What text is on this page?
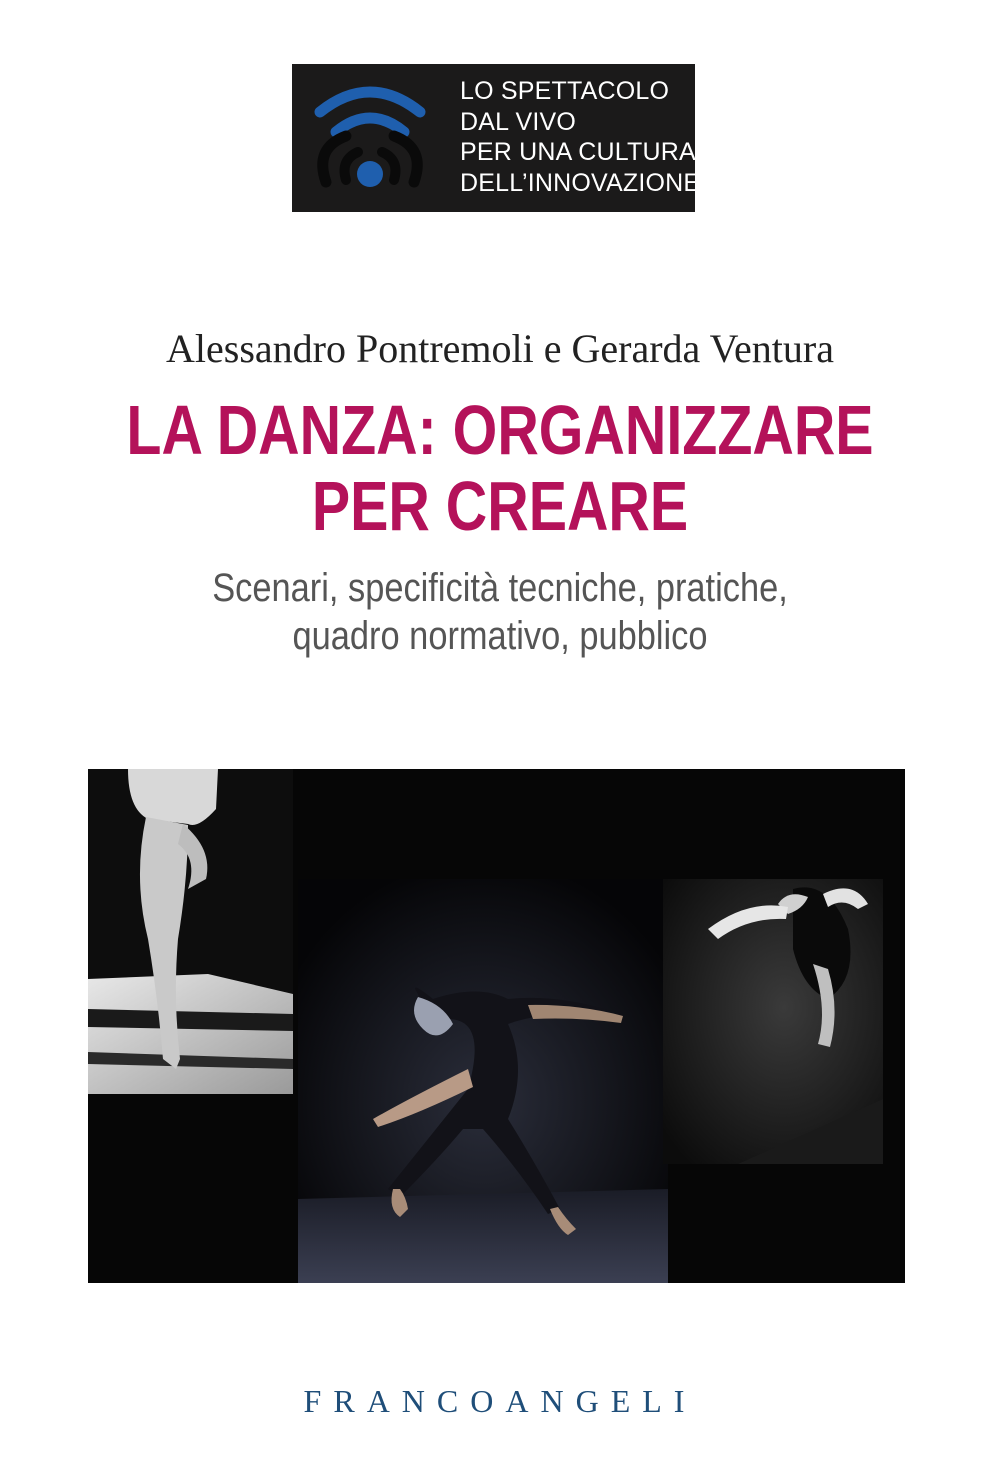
LO SPETTACOLO
DAL VIVO
PER UNA CULTURA
DELL’INNOVAZIONE
Alessandro Pontremoli e Gerarda Ventura
LA DANZA: ORGANIZZARE
PER CREARE
Scenari, specificità tecniche, pratiche,
quadro normativo, pubblico
FRANCOANGELI
